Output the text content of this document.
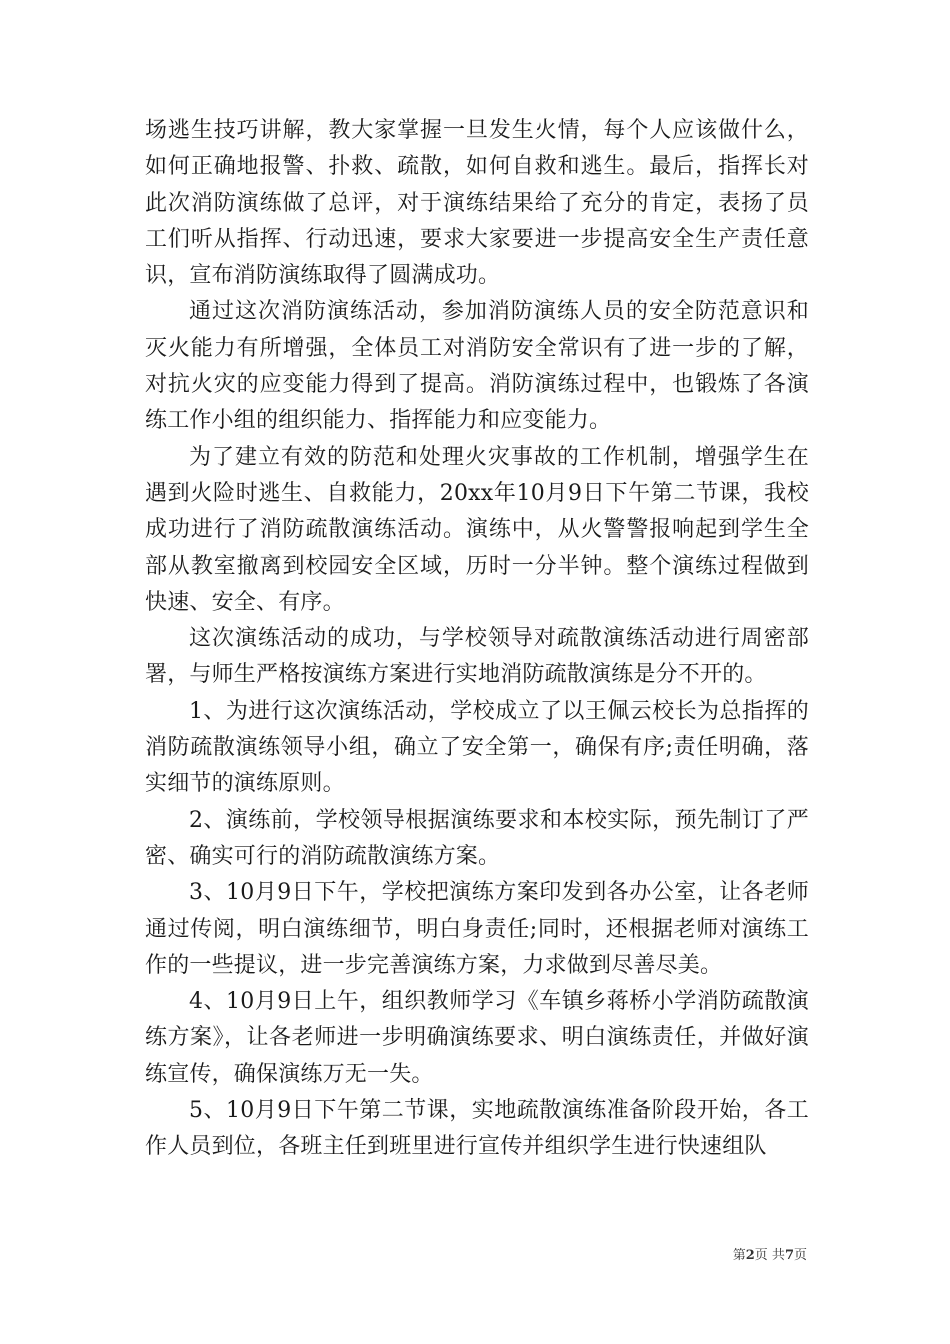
场逃生技巧讲解，教大家掌握一旦发生火情，每个人应该做什么，如何正确地报警、扑救、疏散，如何自救和逃生。最后，指挥长对此次消防演练做了总评，对于演练结果给了充分的肯定，表扬了员工们听从指挥、行动迅速，要求大家要进一步提高安全生产责任意识，宣布消防演练取得了圆满成功。

通过这次消防演练活动，参加消防演练人员的安全防范意识和灭火能力有所增强，全体员工对消防安全常识有了进一步的了解，对抗火灾的应变能力得到了提高。消防演练过程中，也锻炼了各演练工作小组的组织能力、指挥能力和应变能力。

为了建立有效的防范和处理火灾事故的工作机制，增强学生在遇到火险时逃生、自救能力，20xx年10月9日下午第二节课，我校成功进行了消防疏散演练活动。演练中，从火警警报响起到学生全部从教室撤离到校园安全区域，历时一分半钟。整个演练过程做到快速、安全、有序。

这次演练活动的成功，与学校领导对疏散演练活动进行周密部署，与师生严格按演练方案进行实地消防疏散演练是分不开的。

1、为进行这次演练活动，学校成立了以王佩云校长为总指挥的消防疏散演练领导小组，确立了安全第一，确保有序;责任明确，落实细节的演练原则。

2、演练前，学校领导根据演练要求和本校实际，预先制订了严密、确实可行的消防疏散演练方案。

3、10月9日下午，学校把演练方案印发到各办公室，让各老师通过传阅，明白演练细节，明白身责任;同时，还根据老师对演练工作的一些提议，进一步完善演练方案，力求做到尽善尽美。

4、10月9日上午，组织教师学习《车镇乡蒋桥小学消防疏散演练方案》，让各老师进一步明确演练要求、明白演练责任，并做好演练宣传，确保演练万无一失。

5、10月9日下午第二节课，实地疏散演练准备阶段开始，各工作人员到位，各班主任到班里进行宣传并组织学生进行快速组队

第2页 共7页
